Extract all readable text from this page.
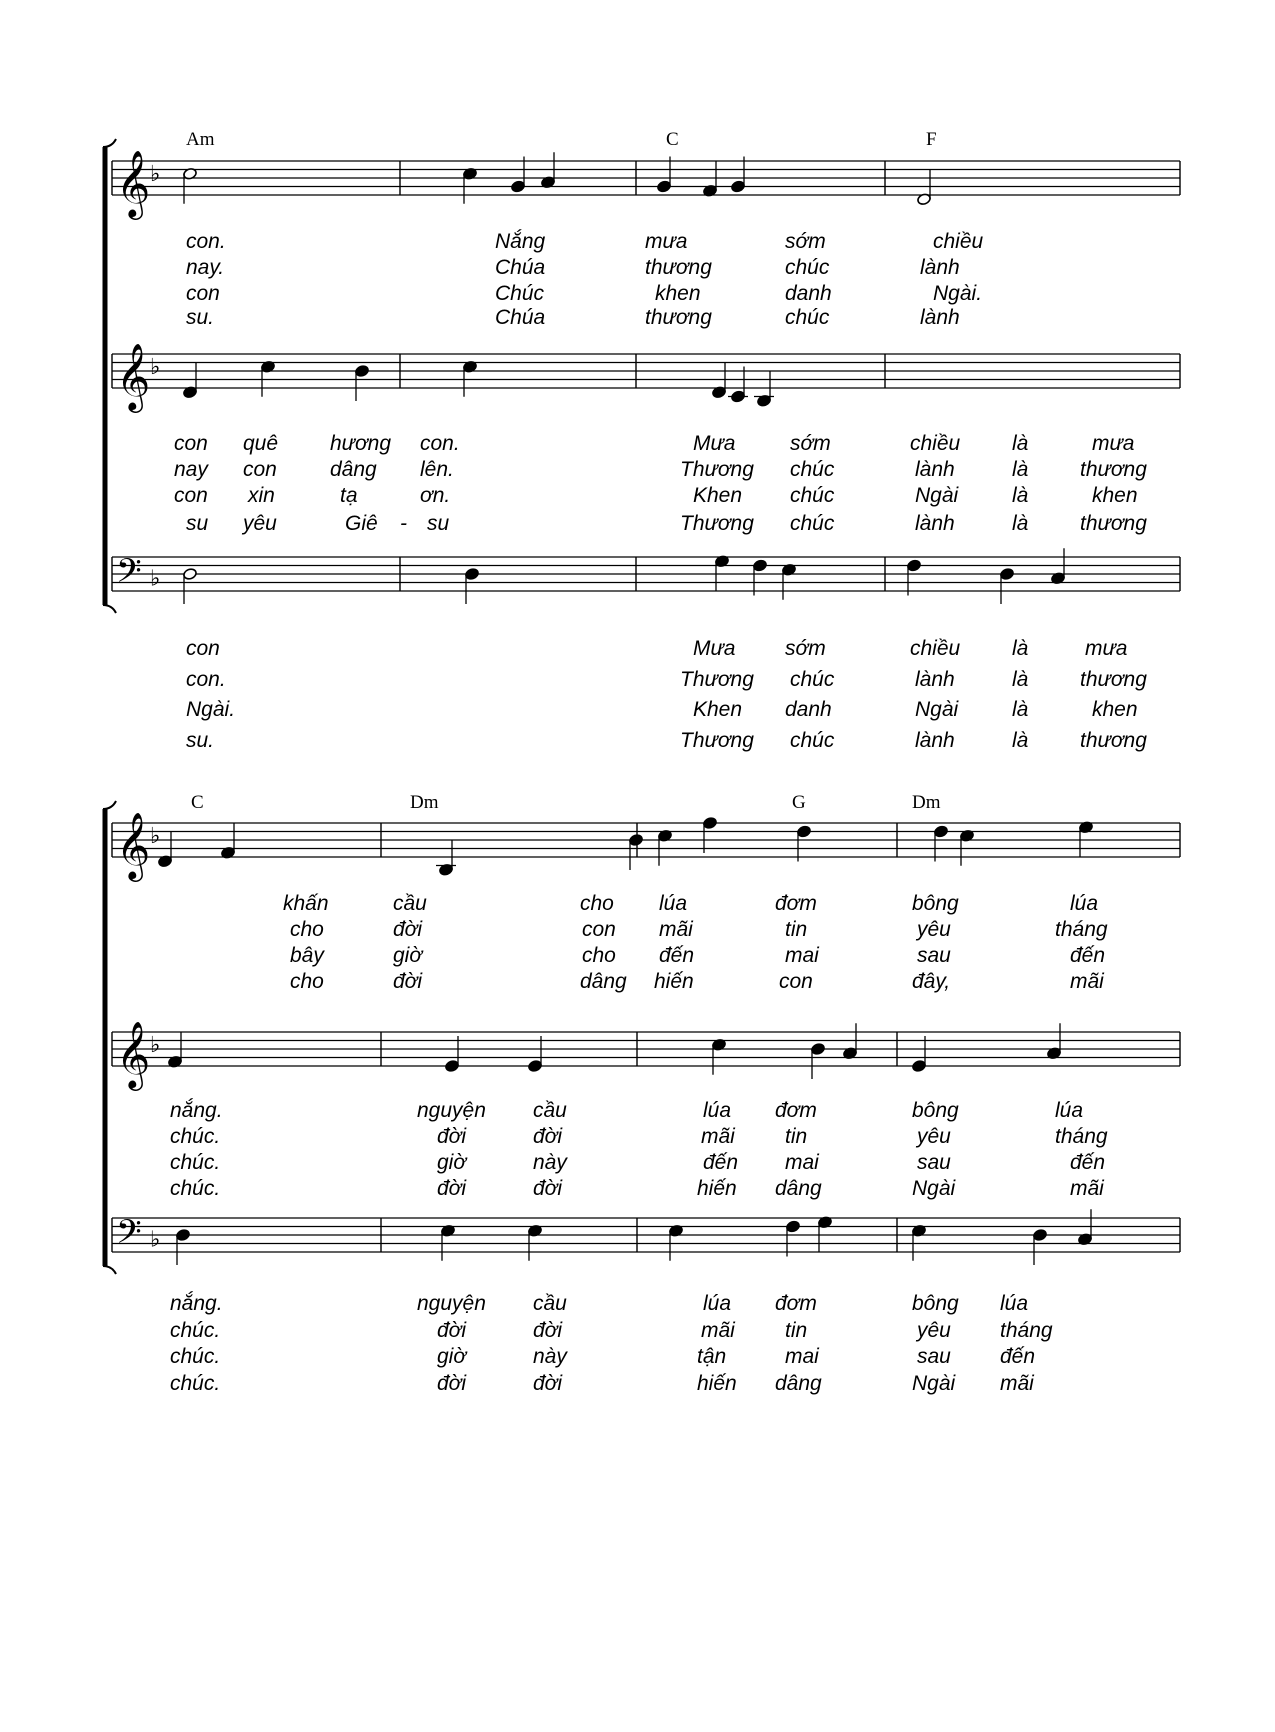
Am	C	F
𝄞 ♭
con.	Nắng	mưa	sớm	chiều
nay.	Chúa	thương	chúc	lành
con	Chúc	khen	danh	Ngài.
su.	Chúa	thương	chúc	lành
𝄞 ♭
con quê hương con.	Mưa	sớm	chiều là	mưa
nay con	dâng lên.	Thương chúc	lành	là thương
con xin	tạ	ơn.	Khen chúc	Ngài	là	khen
su yêu	Giê - su	Thương chúc	lành	là thương
𝄢 ♭
con	Mưa sớm	chiều là	mưa
con.	Thương chúc	lành	là thương
Ngài.	Khen danh	Ngài	là	khen
su.	Thương chúc	lành	là thương
C	Dm	G	Dm
𝄞 ♭
khấn	cầu	cho lúa	đơm	bông	lúa
cho	đời	con mãi	tin	yêu	tháng
bây	giờ	cho đến	mai	sau	đến
cho	đời	dâng hiến	con	đây,	mãi
𝄞 ♭
nắng.	nguyện cầu	lúa đơm	bông	lúa
chúc.	đời	đời	mãi tin	yêu	tháng
chúc.	giờ	này	đến mai	sau	đến
chúc.	đời	đời	hiến dâng	Ngài	mãi
𝄢 ♭
nắng.	nguyện cầu	lúa đơm	bông lúa
chúc.	đời	đời	mãi tin	yêu tháng
chúc.	giờ	này	tận	mai	sau đến
chúc.	đời	đời	hiến dâng	Ngài mãi
